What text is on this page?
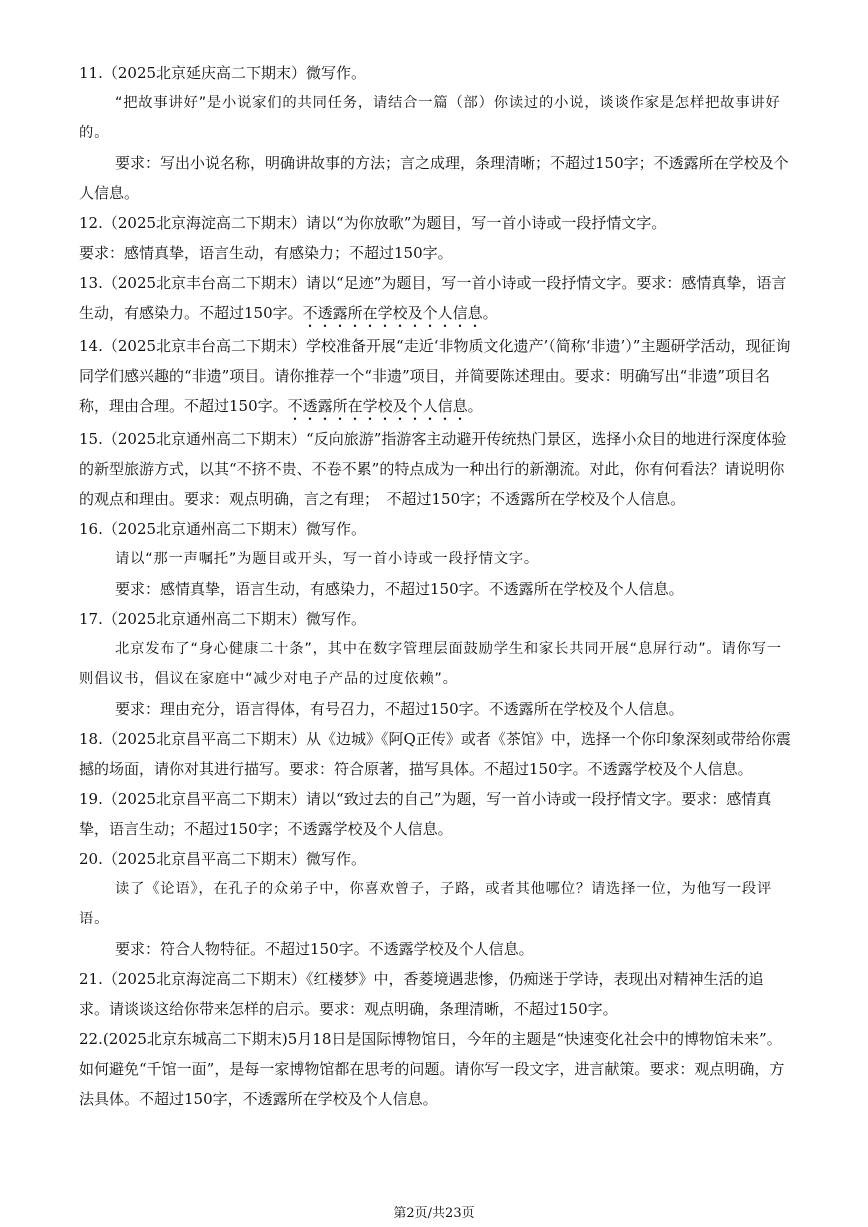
11.（2025北京延庆高二下期末）微写作。

“把故事讲好”是小说家们的共同任务，请结合一篇（部）你读过的小说，谈谈作家是怎样把故事讲好的。

要求：写出小说名称，明确讲故事的方法；言之成理，条理清晰；不超过150字；不透露所在学校及个人信息。

12.（2025北京海淀高二下期末）请以“为你放歌”为题目，写一首小诗或一段抒情文字。

要求：感情真挚，语言生动，有感染力；不超过150字。

13.（2025北京丰台高二下期末）请以“足迹”为题目，写一首小诗或一段抒情文字。要求：感情真挚，语言生动，有感染力。不超过150字。不透露所在学校及个人信息。

14.（2025北京丰台高二下期末）学校准备开展“走近‘非物质文化遗产’（简称‘非遗’）”主题研学活动，现征询同学们感兴趣的“非遗”项目。请你推荐一个“非遗”项目，并简要陈述理由。要求：明确写出“非遗”项目名称，理由合理。不超过150字。不透露所在学校及个人信息。

15.（2025北京通州高二下期末）“反向旅游”指游客主动避开传统热门景区，选择小众目的地进行深度体验的新型旅游方式，以其“不挤不贵、不卷不累”的特点成为一种出行的新潮流。对此，你有何看法？请说明你的观点和理由。要求：观点明确，言之有理；　不超过150字；不透露所在学校及个人信息。

16.（2025北京通州高二下期末）微写作。

请以“那一声嘱托”为题目或开头，写一首小诗或一段抒情文字。

要求：感情真挚，语言生动，有感染力，不超过150字。不透露所在学校及个人信息。

17.（2025北京通州高二下期末）微写作。

北京发布了“身心健康二十条”，其中在数字管理层面鼓励学生和家长共同开展“息屏行动”。请你写一则倡议书，倡议在家庭中“减少对电子产品的过度依赖”。

要求：理由充分，语言得体，有号召力，不超过150字。不透露所在学校及个人信息。

18.（2025北京昌平高二下期末）从《边城》《阿Q正传》或者《茶馆》中，选择一个你印象深刻或带给你震撼的场面，请你对其进行描写。要求：符合原著，描写具体。不超过150字。不透露学校及个人信息。

19.（2025北京昌平高二下期末）请以“致过去的自己”为题，写一首小诗或一段抒情文字。要求：感情真挚，语言生动；不超过150字；不透露学校及个人信息。

20.（2025北京昌平高二下期末）微写作。

读了《论语》，在孔子的众弟子中，你喜欢曾子，子路，或者其他哪位？请选择一位，为他写一段评语。

要求：符合人物特征。不超过150字。不透露学校及个人信息。

21.（2025北京海淀高二下期末）《红楼梦》中，香菱境遇悲惨，仍痴迷于学诗，表现出对精神生活的追求。请谈谈这给你带来怎样的启示。要求：观点明确，条理清晰，不超过150字。

22.(2025北京东城高二下期末)5月18日是国际博物馆日，今年的主题是“快速变化社会中的博物馆未来”。如何避免“千馆一面”，是每一家博物馆都在思考的问题。请你写一段文字，进言献策。要求：观点明确，方法具体。不超过150字，不透露所在学校及个人信息。

第2页/共23页
